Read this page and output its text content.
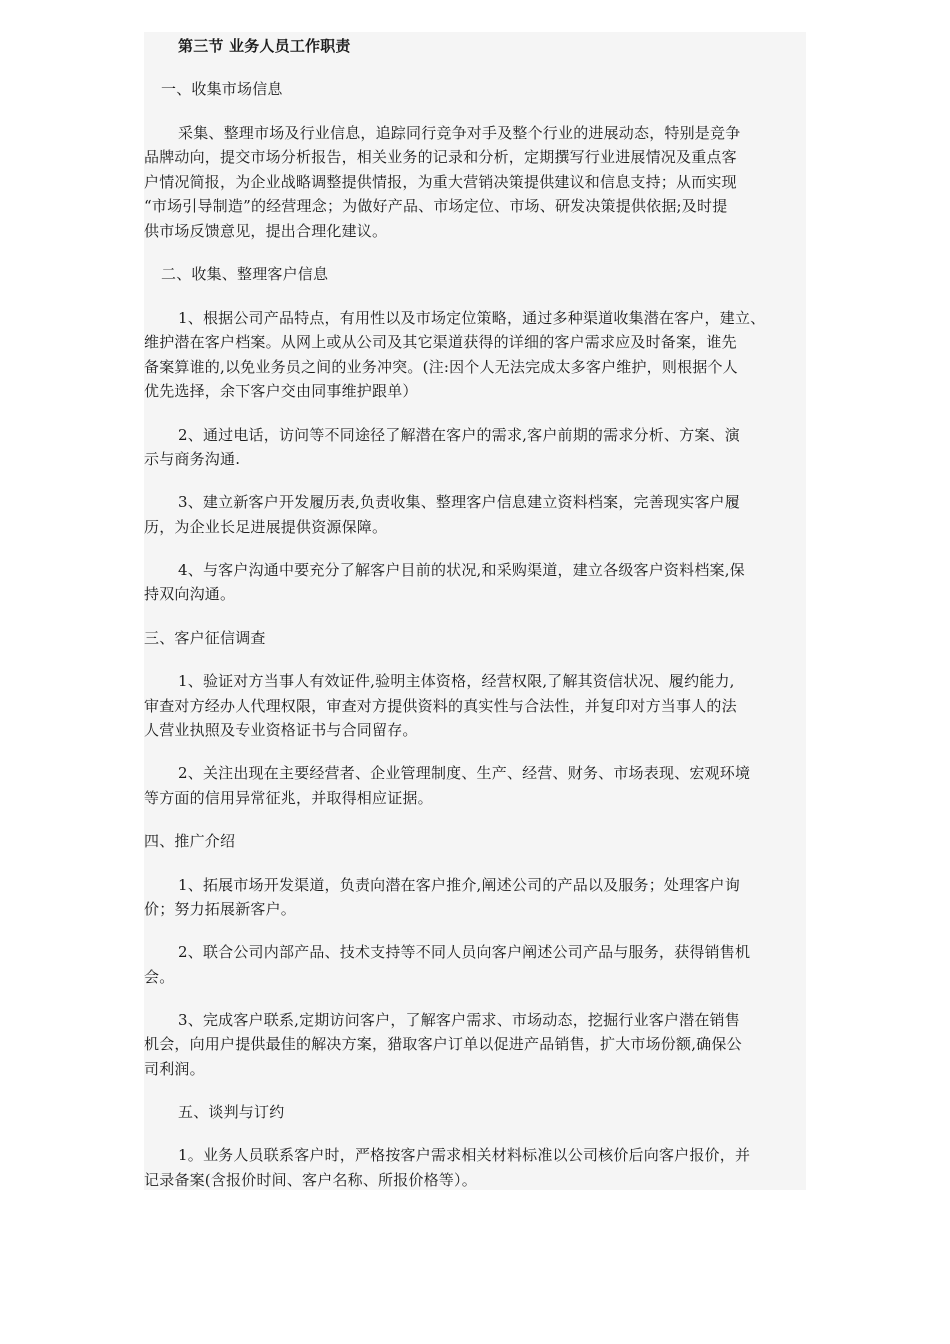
第三节 业务人员工作职责
一、收集市场信息
采集、整理市场及行业信息，追踪同行竞争对手及整个行业的进展动态，特别是竞争
品牌动向，提交市场分析报告，相关业务的记录和分析，定期撰写行业进展情况及重点客
户情况简报，为企业战略调整提供情报，为重大营销决策提供建议和信息支持；从而实现
“市场引导制造”的经营理念；为做好产品、市场定位、市场、研发决策提供依据;及时提
供市场反馈意见，提出合理化建议。
二、收集、整理客户信息
1、根据公司产品特点，有用性以及市场定位策略，通过多种渠道收集潜在客户，建立、
维护潜在客户档案。从网上或从公司及其它渠道获得的详细的客户需求应及时备案，谁先
备案算谁的,以免业务员之间的业务冲突。(注:因个人无法完成太多客户维护，则根据个人
优先选择，余下客户交由同事维护跟单）
2、通过电话，访问等不同途径了解潜在客户的需求,客户前期的需求分析、方案、演
示与商务沟通.
3、建立新客户开发履历表,负责收集、整理客户信息建立资料档案，完善现实客户履
历，为企业长足进展提供资源保障。
4、与客户沟通中要充分了解客户目前的状况,和采购渠道，建立各级客户资料档案,保
持双向沟通。
三、客户征信调查
1、验证对方当事人有效证件,验明主体资格，经营权限,了解其资信状况、履约能力,
审查对方经办人代理权限，审查对方提供资料的真实性与合法性，并复印对方当事人的法
人营业执照及专业资格证书与合同留存。
2、关注出现在主要经营者、企业管理制度、生产、经营、财务、市场表现、宏观环境
等方面的信用异常征兆，并取得相应证据。
四、推广介绍
1、拓展市场开发渠道，负责向潜在客户推介,阐述公司的产品以及服务；处理客户询
价；努力拓展新客户。
2、联合公司内部产品、技术支持等不同人员向客户阐述公司产品与服务，获得销售机
会。
3、完成客户联系,定期访问客户，了解客户需求、市场动态，挖掘行业客户潜在销售
机会，向用户提供最佳的解决方案，猎取客户订单以促进产品销售，扩大市场份额,确保公
司利润。
五、谈判与订约
1。业务人员联系客户时，严格按客户需求相关材料标准以公司核价后向客户报价，并
记录备案(含报价时间、客户名称、所报价格等）。
